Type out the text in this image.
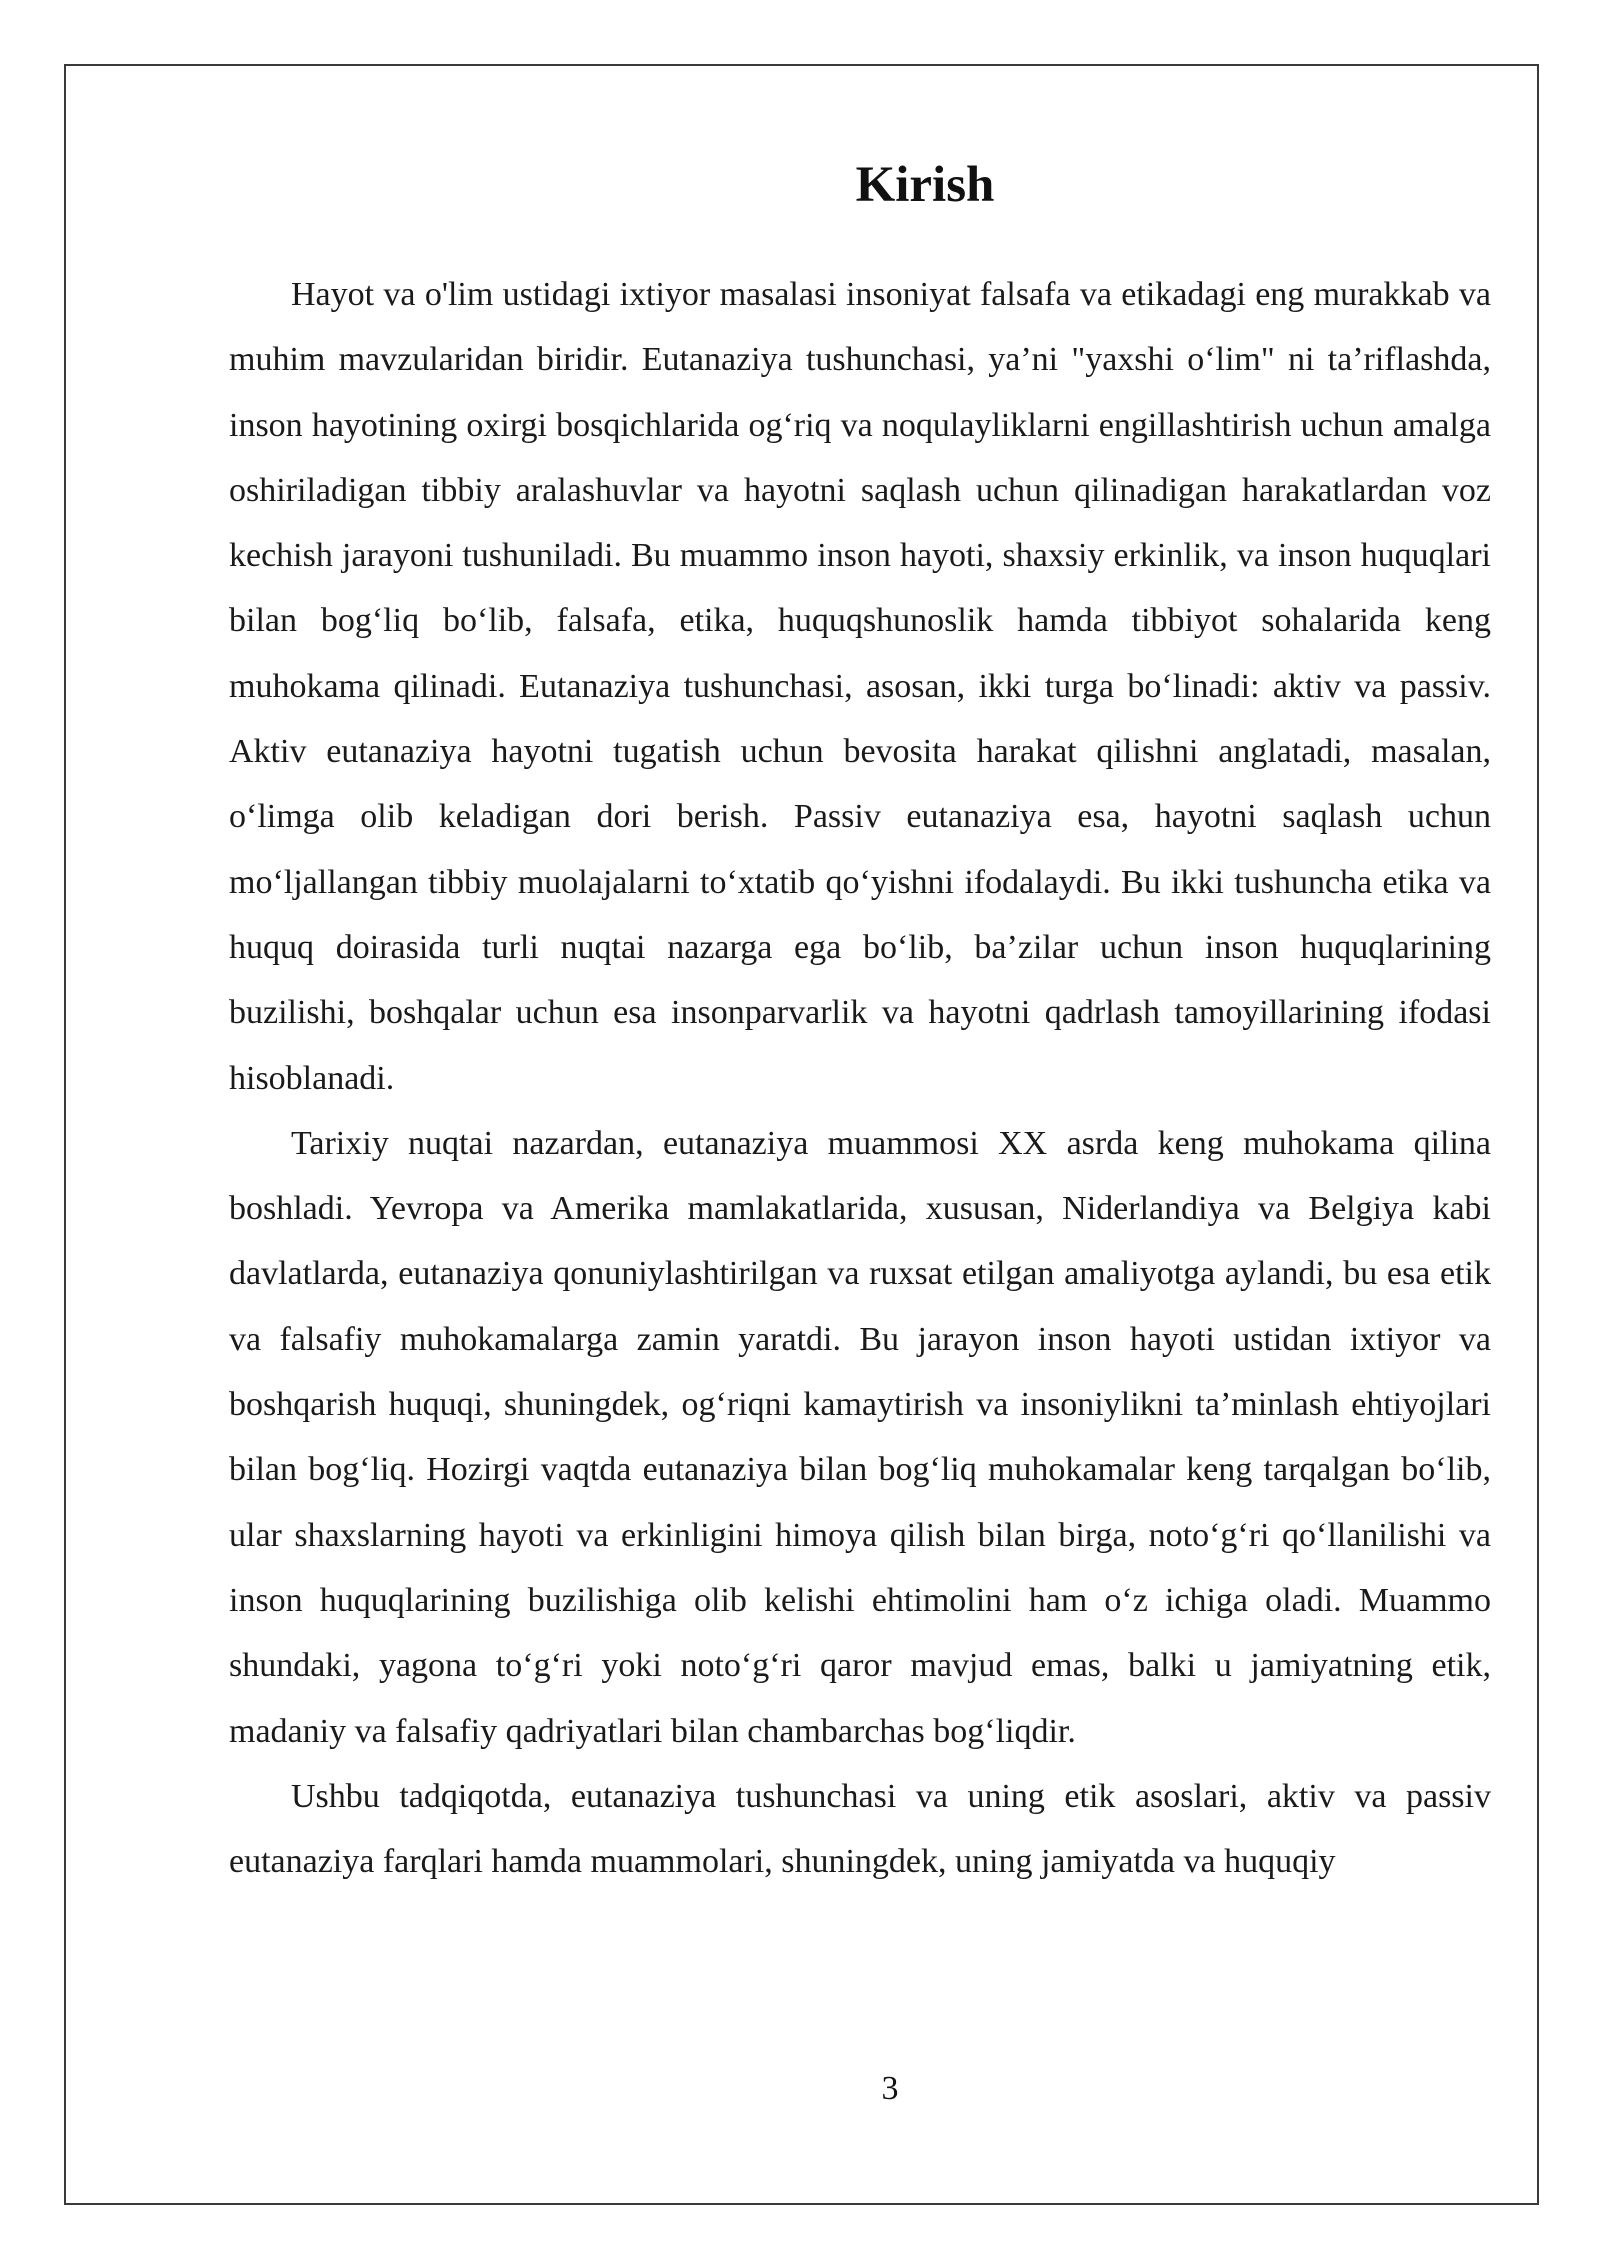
Kirish

Hayot va o'lim ustidagi ixtiyor masalasi insoniyat falsafa va etikadagi eng murakkab va muhim mavzularidan biridir. Eutanaziya tushunchasi, ya’ni "yaxshi o‘lim" ni ta’riflashda, inson hayotining oxirgi bosqichlarida og‘riq va noqulayliklarni engillashtirish uchun amalga oshiriladigan tibbiy aralashuvlar va hayotni saqlash uchun qilinadigan harakatlardan voz kechish jarayoni tushuniladi. Bu muammo inson hayoti, shaxsiy erkinlik, va inson huquqlari bilan bog‘liq bo‘lib, falsafa, etika, huquqshunoslik hamda tibbiyot sohalarida keng muhokama qilinadi. Eutanaziya tushunchasi, asosan, ikki turga bo‘linadi: aktiv va passiv. Aktiv eutanaziya hayotni tugatish uchun bevosita harakat qilishni anglatadi, masalan, o‘limga olib keladigan dori berish. Passiv eutanaziya esa, hayotni saqlash uchun mo‘ljallangan tibbiy muolajalarni to‘xtatib qo‘yishni ifodalaydi. Bu ikki tushuncha etika va huquq doirasida turli nuqtai nazarga ega bo‘lib, ba’zilar uchun inson huquqlarining buzilishi, boshqalar uchun esa insonparvarlik va hayotni qadrlash tamoyillarining ifodasi hisoblanadi.

Tarixiy nuqtai nazardan, eutanaziya muammosi XX asrda keng muhokama qilina boshladi. Yevropa va Amerika mamlakatlarida, xususan, Niderlandiya va Belgiya kabi davlatlarda, eutanaziya qonuniylashtirilgan va ruxsat etilgan amaliyotga aylandi, bu esa etik va falsafiy muhokamalarga zamin yaratdi. Bu jarayon inson hayoti ustidan ixtiyor va boshqarish huquqi, shuningdek, og‘riqni kamaytirish va insoniylikni ta’minlash ehtiyojlari bilan bog‘liq. Hozirgi vaqtda eutanaziya bilan bog‘liq muhokamalar keng tarqalgan bo‘lib, ular shaxslarning hayoti va erkinligini himoya qilish bilan birga, noto‘g‘ri qo‘llanilishi va inson huquqlarining buzilishiga olib kelishi ehtimolini ham o‘z ichiga oladi. Muammo shundaki, yagona to‘g‘ri yoki noto‘g‘ri qaror mavjud emas, balki u jamiyatning etik, madaniy va falsafiy qadriyatlari bilan chambarchas bog‘liqdir.

Ushbu tadqiqotda, eutanaziya tushunchasi va uning etik asoslari, aktiv va passiv eutanaziya farqlari hamda muammolari, shuningdek, uning jamiyatda va huquqiy

3
